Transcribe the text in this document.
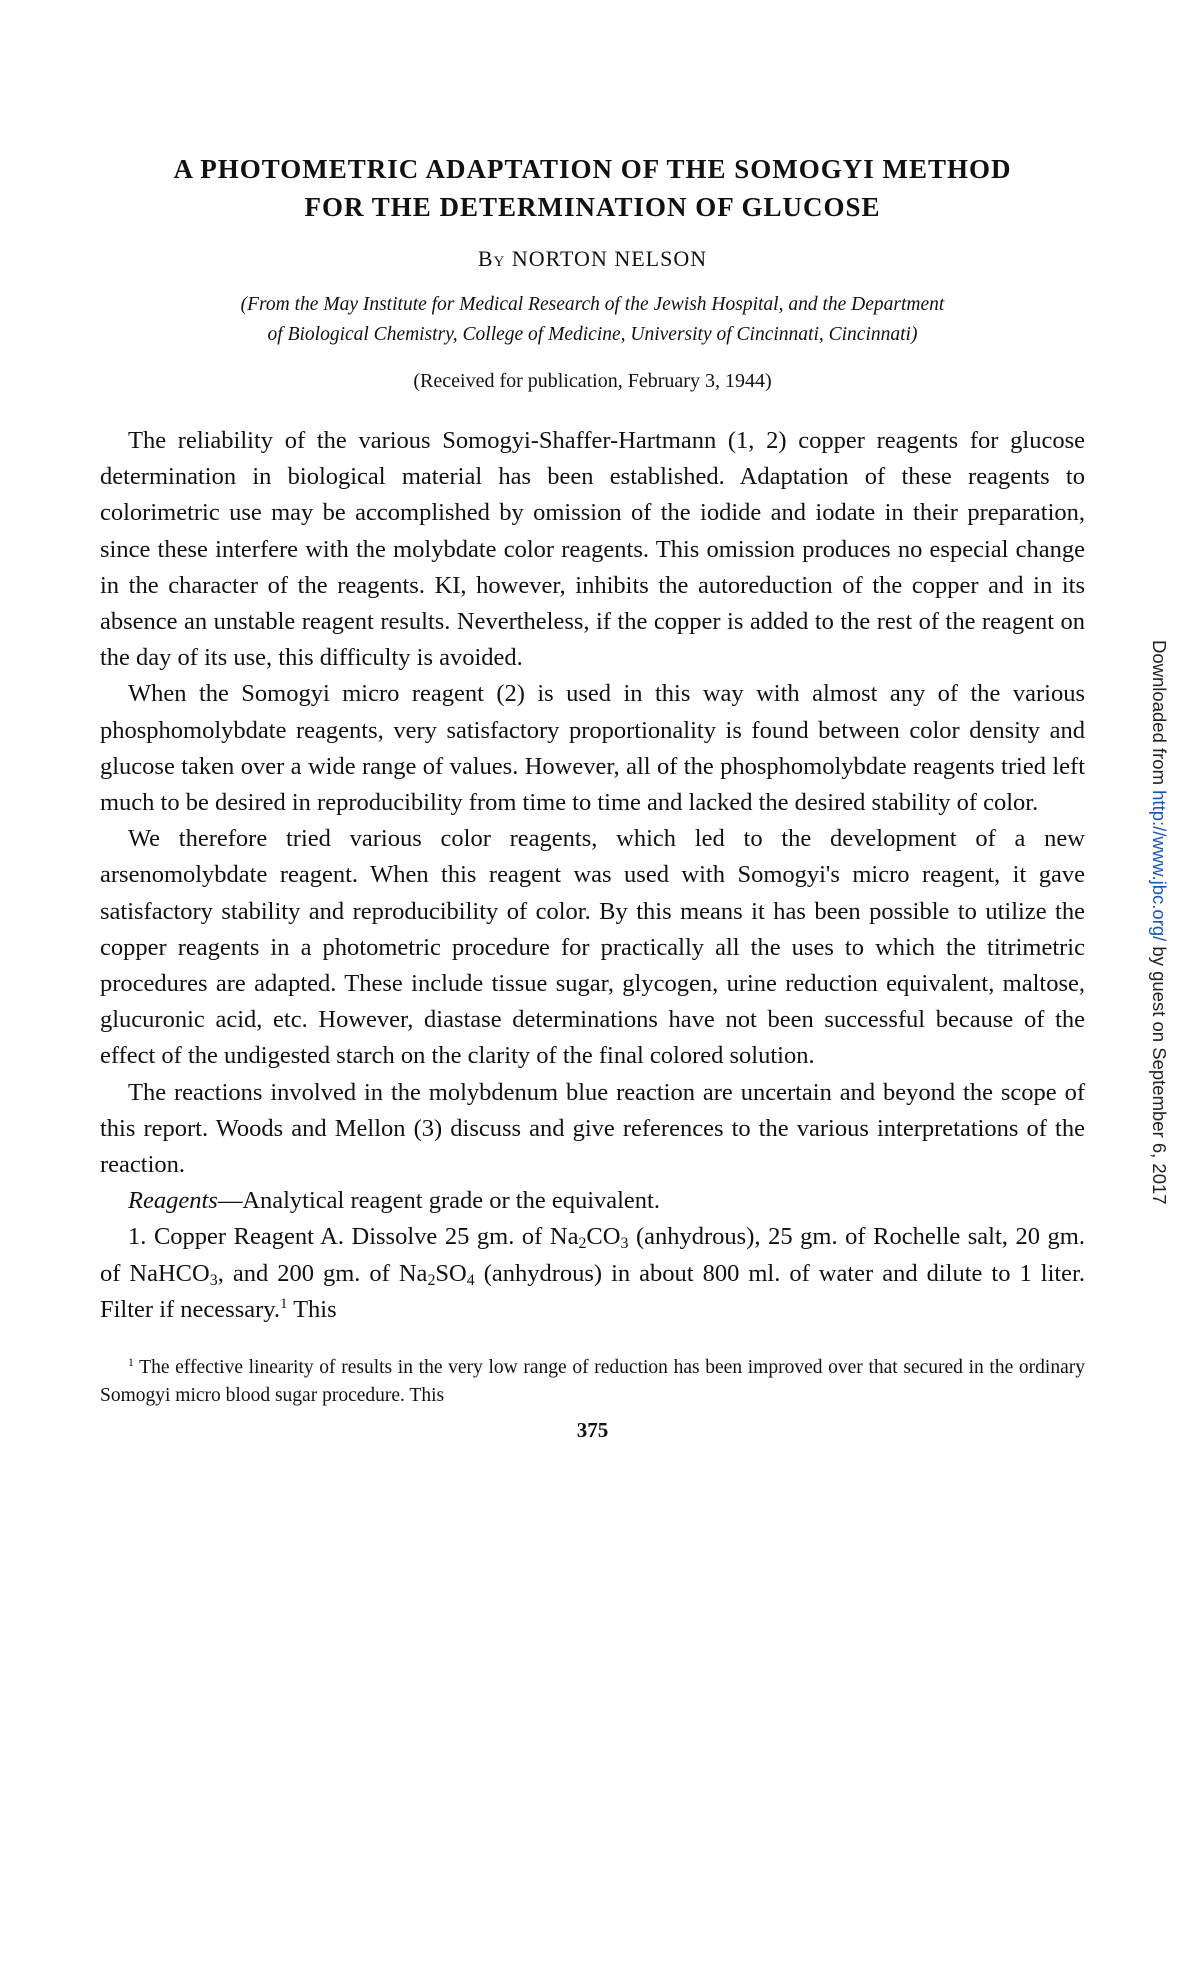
A PHOTOMETRIC ADAPTATION OF THE SOMOGYI METHOD
FOR THE DETERMINATION OF GLUCOSE
By NORTON NELSON
(From the May Institute for Medical Research of the Jewish Hospital, and the Department
of Biological Chemistry, College of Medicine, University of Cincinnati, Cincinnati)
(Received for publication, February 3, 1944)

The reliability of the various Somogyi-Shaffer-Hartmann (1, 2) copper reagents for glucose determination in biological material has been established. Adaptation of these reagents to colorimetric use may be accomplished by omission of the iodide and iodate in their preparation, since these interfere with the molybdate color reagents. This omission produces no especial change in the character of the reagents. KI, however, inhibits the autoreduction of the copper and in its absence an unstable reagent results. Nevertheless, if the copper is added to the rest of the reagent on the day of its use, this difficulty is avoided.

When the Somogyi micro reagent (2) is used in this way with almost any of the various phosphomolybdate reagents, very satisfactory proportionality is found between color density and glucose taken over a wide range of values. However, all of the phosphomolybdate reagents tried left much to be desired in reproducibility from time to time and lacked the desired stability of color.

We therefore tried various color reagents, which led to the development of a new arsenomolybdate reagent. When this reagent was used with Somogyi's micro reagent, it gave satisfactory stability and reproducibility of color. By this means it has been possible to utilize the copper reagents in a photometric procedure for practically all the uses to which the titrimetric procedures are adapted. These include tissue sugar, glycogen, urine reduction equivalent, maltose, glucuronic acid, etc. However, diastase determinations have not been successful because of the effect of the undigested starch on the clarity of the final colored solution.

The reactions involved in the molybdenum blue reaction are uncertain and beyond the scope of this report. Woods and Mellon (3) discuss and give references to the various interpretations of the reaction.

Reagents—Analytical reagent grade or the equivalent.

1. Copper Reagent A. Dissolve 25 gm. of $Na_2CO_3$ (anhydrous), 25 gm. of Rochelle salt, 20 gm. of NaHCO$_3$, and 200 gm. of $Na_2SO_4$ (anhydrous) in about 800 ml. of water and dilute to 1 liter. Filter if necessary.$^1$ This

$^1$ The effective linearity of results in the very low range of reduction has been improved over that secured in the ordinary Somogyi micro blood sugar procedure. This

375
Downloaded from http://www.jbc.org/ by guest on September 6, 2017
